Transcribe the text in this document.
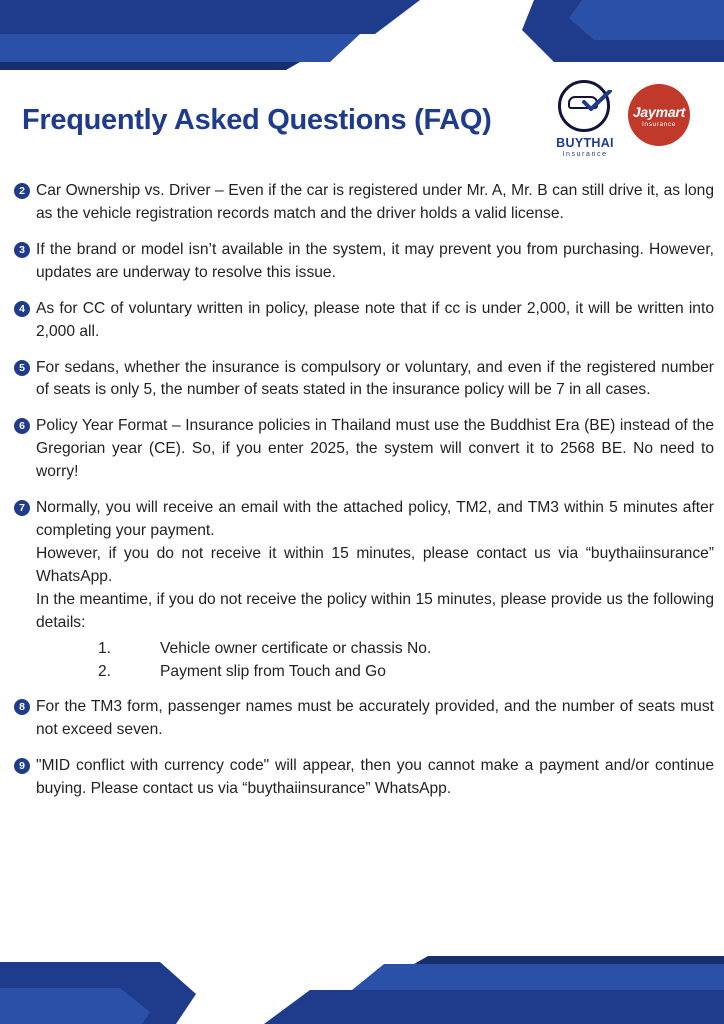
Frequently Asked Questions (FAQ)
BUYTHAI
Insurance
Jaymart
Insurance
2 Car Ownership vs. Driver – Even if the car is registered under Mr. A, Mr. B can still drive it, as long as the vehicle registration records match and the driver holds a valid license.
3 If the brand or model isn’t available in the system, it may prevent you from purchasing. However, updates are underway to resolve this issue.
4 As for CC of voluntary written in policy, please note that if cc is under 2,000, it will be written into 2,000 all.
5 For sedans, whether the insurance is compulsory or voluntary, and even if the registered number of seats is only 5, the number of seats stated in the insurance policy will be 7 in all cases.
6 Policy Year Format – Insurance policies in Thailand must use the Buddhist Era (BE) instead of the Gregorian year (CE). So, if you enter 2025, the system will convert it to 2568 BE. No need to worry!
7 Normally, you will receive an email with the attached policy, TM2, and TM3 within 5 minutes after completing your payment.
However, if you do not receive it within 15 minutes, please contact us via “buythaiinsurance” WhatsApp.
In the meantime, if you do not receive the policy within 15 minutes, please provide us the following details:
1.	Vehicle owner certificate or chassis No.
2.	Payment slip from Touch and Go
8 For the TM3 form, passenger names must be accurately provided, and the number of seats must not exceed seven.
9 "MID conflict with currency code" will appear, then you cannot make a payment and/or continue buying. Please contact us via “buythaiinsurance” WhatsApp.
